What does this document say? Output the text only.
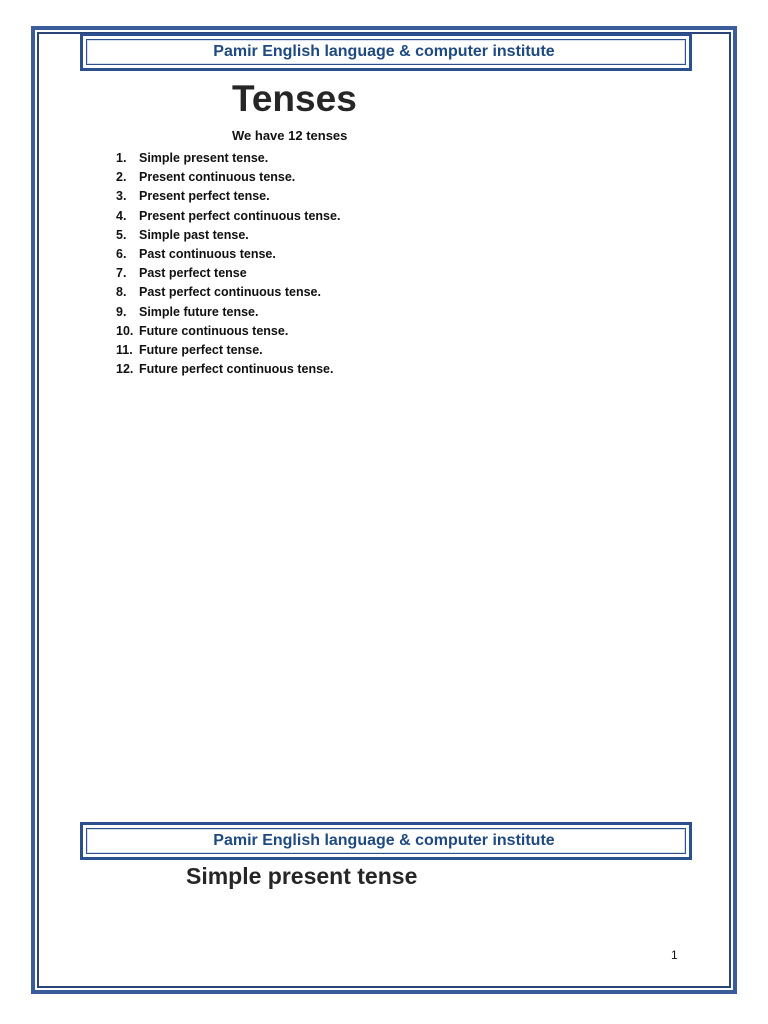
Pamir English language & computer institute
Tenses
We have 12 tenses
1.	Simple present tense.
2.	Present continuous tense.
3.	Present perfect tense.
4.	Present perfect continuous tense.
5.	Simple past tense.
6.	Past continuous tense.
7.	Past perfect tense
8.	Past perfect continuous tense.
9.	Simple future tense.
10. Future continuous tense.
11. Future perfect tense.
12. Future perfect continuous tense.
Pamir English language & computer institute
Simple present tense
1
